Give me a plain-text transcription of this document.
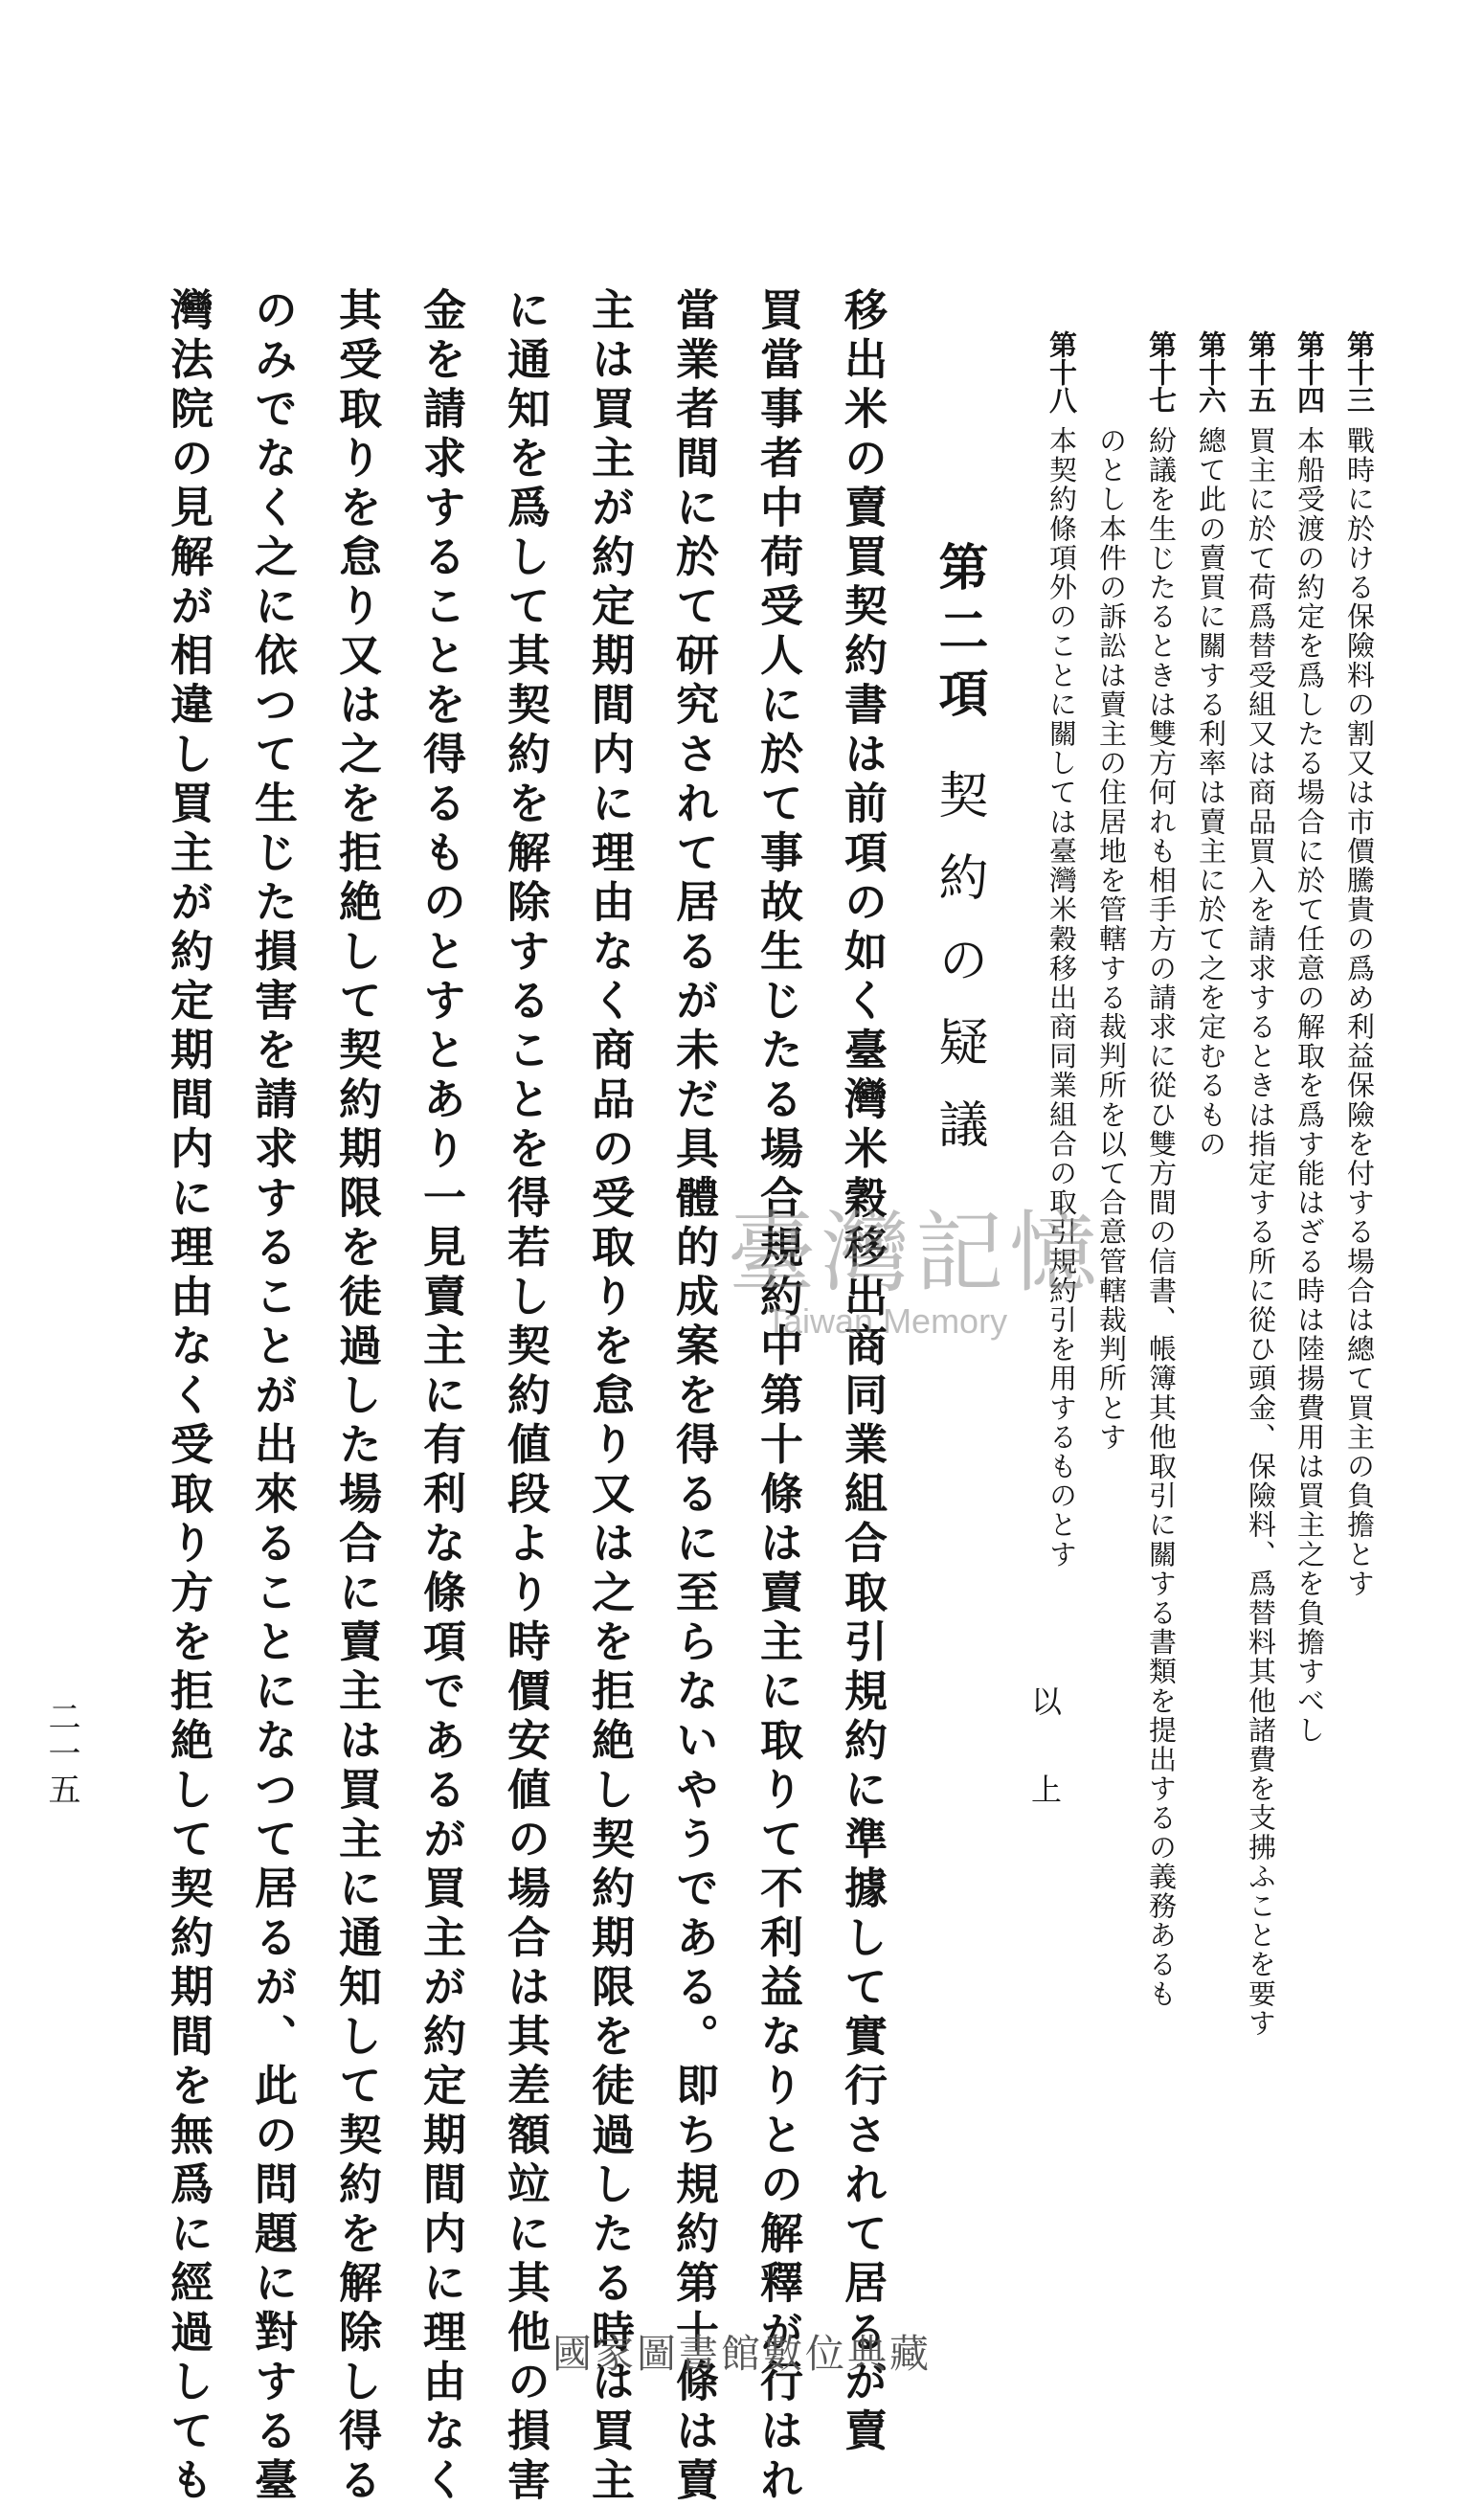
第十三
戰時に於ける保險料の割又は市價騰貴の爲め利益保險を付する場合は總て買主の負擔とす
第十四
本船受渡の約定を爲したる場合に於て任意の解取を爲す能はざる時は陸揚費用は買主之を負擔すべし
第十五
買主に於て荷爲替受組又は商品買入を請求するときは指定する所に從ひ頭金、保險料、爲替料其他諸費を支拂ふことを要す
第十六
總て此の賣買に關する利率は賣主に於て之を定むるもの
第十七
紛議を生じたるときは雙方何れも相手方の請求に從ひ雙方間の信書、帳簿其他取引に關する書類を提出するの義務あるも
のとし本件の訴訟は賣主の住居地を管轄する裁判所を以て合意管轄裁判所とす
第十八
本契約條項外のことに關しては臺灣米穀移出商同業組合の取引規約引を用するものとす
以上
第二項契約の疑議
移出米の賣買契約書は前項の如く臺灣米穀移出商同業組合取引規約に準據して實行されて居るが賣
買當事者中荷受人に於て事故生じたる場合規約中第十條は賣主に取りて不利益なりとの解釋が行はれ
當業者間に於て研究されて居るが未だ具體的成案を得るに至らないやうである。即ち規約第十條は賣
主は買主が約定期間内に理由なく商品の受取りを怠り又は之を拒絶し契約期限を徒過したる時は買主
に通知を爲して其契約を解除することを得若し契約値段より時價安値の場合は其差額竝に其他の損害
金を請求することを得るものとすとあり一見賣主に有利な條項であるが買主が約定期間内に理由なく
其受取りを怠り又は之を拒絶して契約期限を徒過した場合に賣主は買主に通知して契約を解除し得る
のみでなく之に依つて生じた損害を請求することが出來ることになつて居るが、此の問題に對する臺
灣法院の見解が相違し買主が約定期間内に理由なく受取り方を拒絶して契約期間を無爲に經過しても
二一五
臺灣記憶
Taiwan Memory
國家圖書館數位典藏
